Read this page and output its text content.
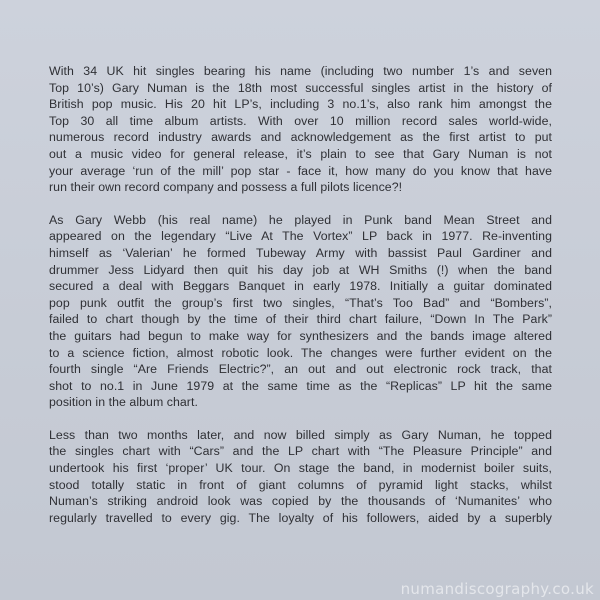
With 34 UK hit singles bearing his name (including two number 1’s and seven
Top 10’s) Gary Numan is the 18th most successful singles artist in the history of
British pop music. His 20 hit LP’s, including 3 no.1’s, also rank him amongst the
Top 30 all time album artists. With over 10 million record sales world-wide,
numerous record industry awards and acknowledgement as the first artist to put
out a music video for general release, it’s plain to see that Gary Numan is not
your average ‘run of the mill’ pop star - face it, how many do you know that have
run their own record company and possess a full pilots licence?!

As Gary Webb (his real name) he played in Punk band Mean Street and
appeared on the legendary “Live At The Vortex” LP back in 1977. Re-inventing
himself as ‘Valerian’ he formed Tubeway Army with bassist Paul Gardiner and
drummer Jess Lidyard then quit his day job at WH Smiths (!) when the band
secured a deal with Beggars Banquet in early 1978. Initially a guitar dominated
pop punk outfit the group’s first two singles, “That’s Too Bad” and “Bombers”,
failed to chart though by the time of their third chart failure, “Down In The Park”
the guitars had begun to make way for synthesizers and the bands image altered
to a science fiction, almost robotic look. The changes were further evident on the
fourth single “Are Friends Electric?”, an out and out electronic rock track, that
shot to no.1 in June 1979 at the same time as the “Replicas” LP hit the same
position in the album chart.

Less than two months later, and now billed simply as Gary Numan, he topped
the singles chart with “Cars” and the LP chart with “The Pleasure Principle” and
undertook his first ‘proper’ UK tour. On stage the band, in modernist boiler suits,
stood totally static in front of giant columns of pyramid light stacks, whilst
Numan’s striking android look was copied by the thousands of ‘Numanites’ who
regularly travelled to every gig. The loyalty of his followers, aided by a superbly

numandiscography.co.uk
